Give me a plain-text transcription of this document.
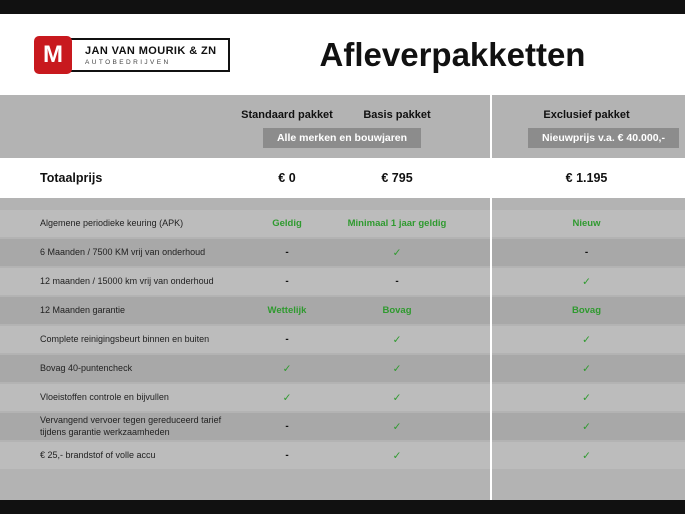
M	JAN VAN MOURIK & ZN
AUTOBEDRIJVEN	Afleverpakketten
Standaard pakket	Basis pakket	Exclusief pakket
Alle merken en bouwjaren	Nieuwprijs v.a. € 40.000,-
Totaalprijs	€ 0	€ 795	€ 1.195
Algemene periodieke keuring (APK)	Geldig	Minimaal 1 jaar geldig	Nieuw
6 Maanden / 7500 KM vrij van onderhoud	-	✓	-
12 maanden / 15000 km vrij van onderhoud	-	-	✓
12 Maanden garantie	Wettelijk	Bovag	Bovag
Complete reinigingsbeurt binnen en buiten	-	✓	✓
Bovag 40-puntencheck	✓	✓	✓
Vloeistoffen controle en bijvullen	✓	✓	✓
Vervangend vervoer tegen gereduceerd tarief tijdens garantie werkzaamheden	-	✓	✓
€ 25,- brandstof of volle accu	-	✓	✓
